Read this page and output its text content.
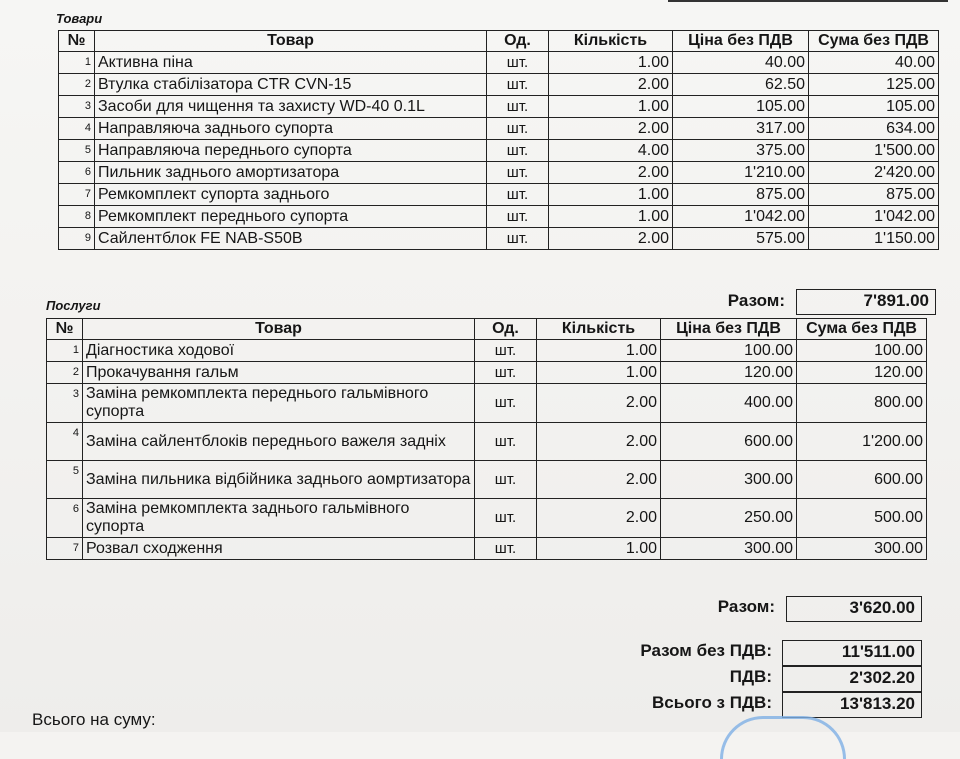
Товари
№	Товар	Од.	Кількість	Ціна без ПДВ	Сума без ПДВ
1	Активна піна	шт.	1.00	40.00	40.00
2	Втулка стабілізатора CTR CVN-15	шт.	2.00	62.50	125.00
3	Засоби для чищення та захисту WD-40 0.1L	шт.	1.00	105.00	105.00
4	Направляюча заднього супорта	шт.	2.00	317.00	634.00
5	Направляюча переднього супорта	шт.	4.00	375.00	1'500.00
6	Пильник заднього амортизатора	шт.	2.00	1'210.00	2'420.00
7	Ремкомплект супорта заднього	шт.	1.00	875.00	875.00
8	Ремкомплект переднього супорта	шт.	1.00	1'042.00	1'042.00
9	Сайлентблок FE NAB-S50B	шт.	2.00	575.00	1'150.00
Разом:	7'891.00
Послуги
№	Товар	Од.	Кількість	Ціна без ПДВ	Сума без ПДВ
1	Діагностика ходової	шт.	1.00	100.00	100.00
2	Прокачування гальм	шт.	1.00	120.00	120.00
3	Заміна ремкомплекта переднього гальмівного супорта	шт.	2.00	400.00	800.00
4	Заміна сайлентблоків переднього важеля задніх	шт.	2.00	600.00	1'200.00
5	Заміна пильника відбійника заднього аомртизатора	шт.	2.00	300.00	600.00
6	Заміна ремкомплекта заднього гальмівного супорта	шт.	2.00	250.00	500.00
7	Розвал сходження	шт.	1.00	300.00	300.00
Разом:	3'620.00
Разом без ПДВ:	11'511.00
ПДВ:	2'302.20
Всього з ПДВ:	13'813.20
Всього на суму:
